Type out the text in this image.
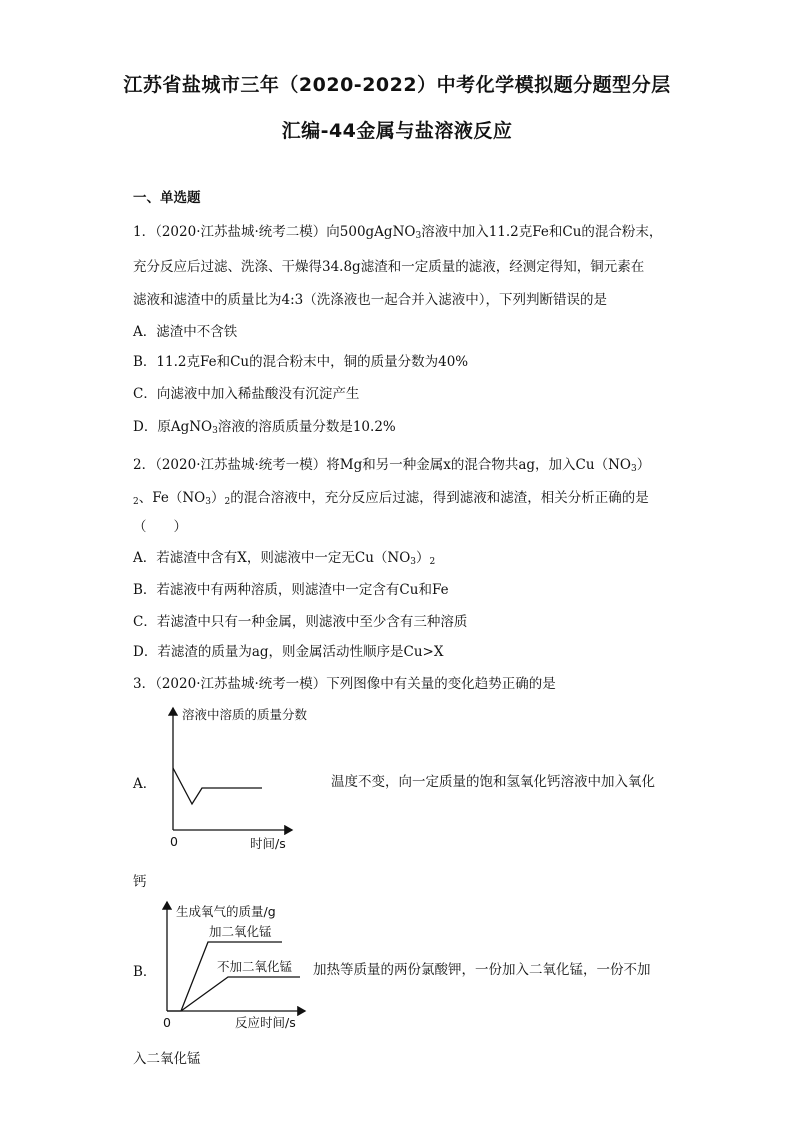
江苏省盐城市三年（2020-2022）中考化学模拟题分题型分层
汇编-44金属与盐溶液反应
一、单选题
1．（2020·江苏盐城·统考二模）向500gAgNO$_3$溶液中加入11.2克Fe和Cu的混合粉末，
充分反应后过滤、洗涤、干燥得34.8g滤渣和一定质量的滤液，经测定得知，铜元素在
滤液和滤渣中的质量比为4:3（洗涤液也一起合并入滤液中），下列判断错误的是
A．滤渣中不含铁
B．11.2克Fe和Cu的混合粉末中，铜的质量分数为40%
C．向滤液中加入稀盐酸没有沉淀产生
D．原AgNO$_3$溶液的溶质质量分数是10.2%
2．（2020·江苏盐城·统考一模）将Mg和另一种金属x的混合物共ag，加入$Cu(NO_3)$
$_2$、$Fe(NO_3)_2$的混合溶液中，充分反应后过滤，得到滤液和滤渣，相关分析正确的是
（　　）
A．若滤渣中含有X，则滤液中一定无$Cu(NO_3)_2$
B．若滤液中有两种溶质，则滤渣中一定含有Cu和Fe
C．若滤渣中只有一种金属，则滤液中至少含有三种溶质
D．若滤渣的质量为ag，则金属活动性顺序是Cu>X
3．（2020·江苏盐城·统考一模）下列图像中有关量的变化趋势正确的是
A．
溶液中溶质的质量分数
0	时间/s
温度不变，向一定质量的饱和氢氧化钙溶液中加入氧化
钙
B．
生成氧气的质量/g
加二氧化锰
不加二氧化锰
0	反应时间/s
加热等质量的两份氯酸钾，一份加入二氧化锰，一份不加
入二氧化锰
